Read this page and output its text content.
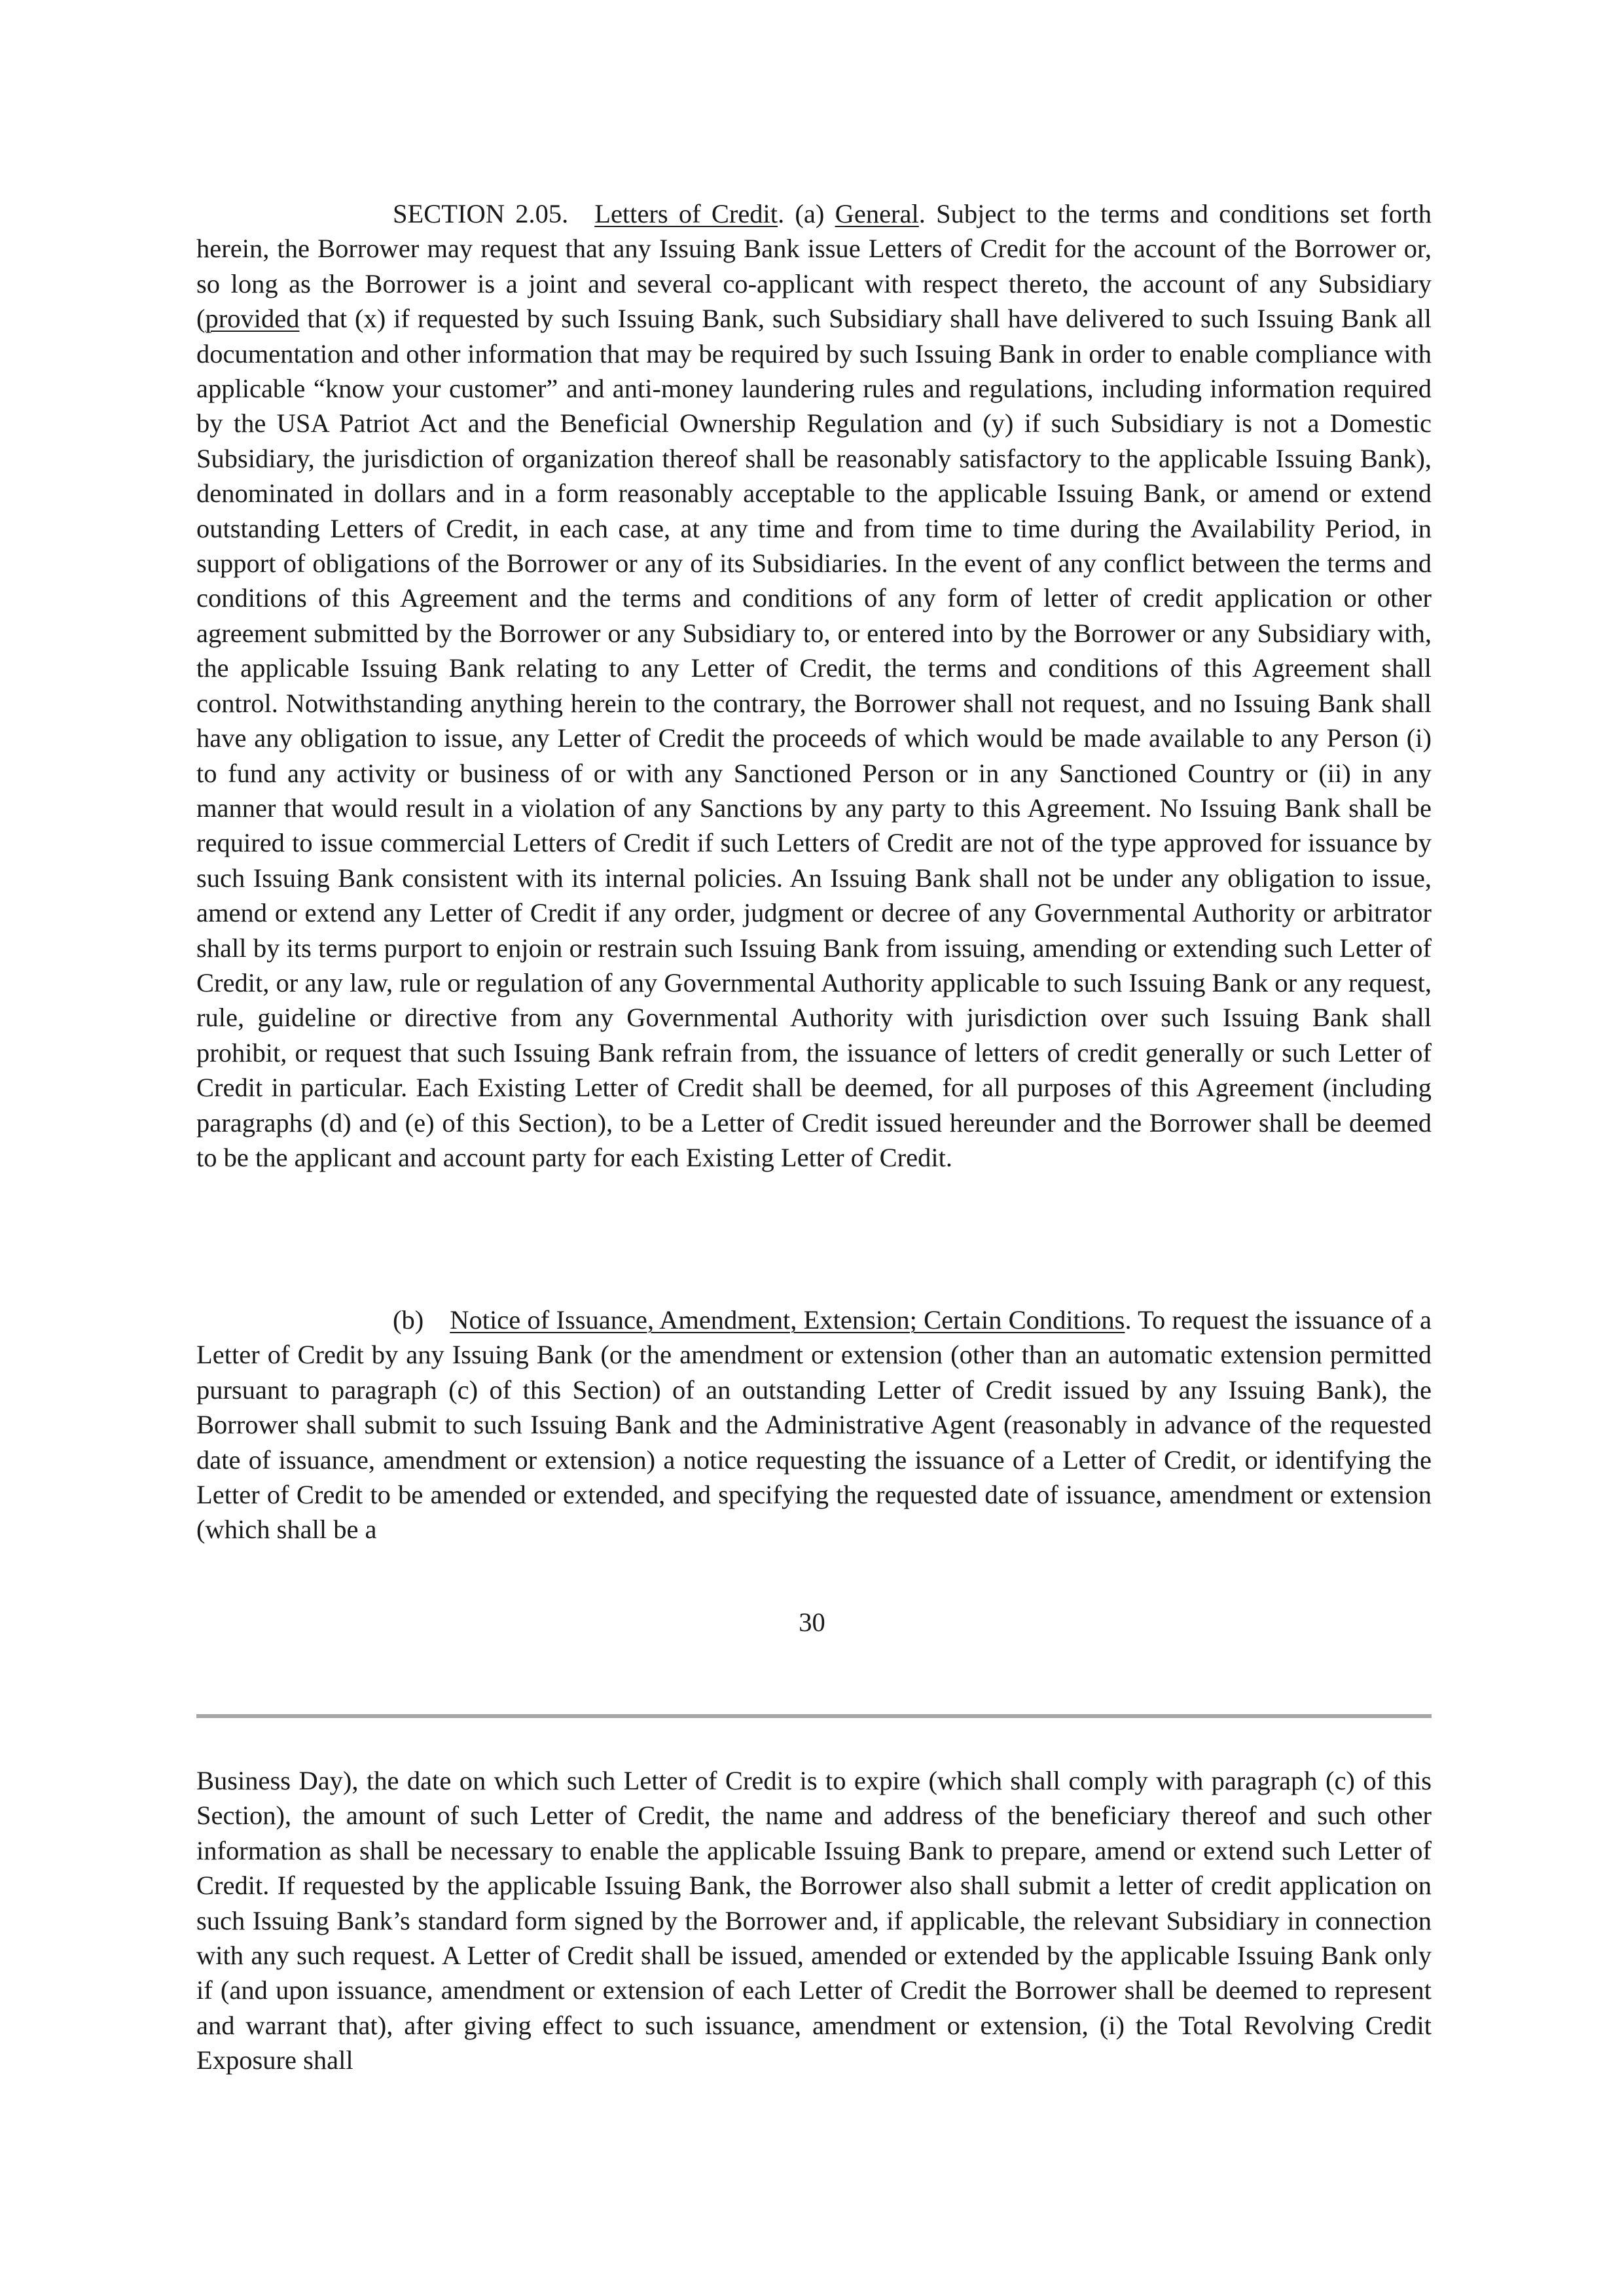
SECTION 2.05. Letters of Credit. (a) General. Subject to the terms and conditions set forth herein, the Borrower may request that any Issuing Bank issue Letters of Credit for the account of the Borrower or, so long as the Borrower is a joint and several co-applicant with respect thereto, the account of any Subsidiary (provided that (x) if requested by such Issuing Bank, such Subsidiary shall have delivered to such Issuing Bank all documentation and other information that may be required by such Issuing Bank in order to enable compliance with applicable “know your customer” and anti-money laundering rules and regulations, including information required by the USA Patriot Act and the Beneficial Ownership Regulation and (y) if such Subsidiary is not a Domestic Subsidiary, the jurisdiction of organization thereof shall be reasonably satisfactory to the applicable Issuing Bank), denominated in dollars and in a form reasonably acceptable to the applicable Issuing Bank, or amend or extend outstanding Letters of Credit, in each case, at any time and from time to time during the Availability Period, in support of obligations of the Borrower or any of its Subsidiaries. In the event of any conflict between the terms and conditions of this Agreement and the terms and conditions of any form of letter of credit application or other agreement submitted by the Borrower or any Subsidiary to, or entered into by the Borrower or any Subsidiary with, the applicable Issuing Bank relating to any Letter of Credit, the terms and conditions of this Agreement shall control. Notwithstanding anything herein to the contrary, the Borrower shall not request, and no Issuing Bank shall have any obligation to issue, any Letter of Credit the proceeds of which would be made available to any Person (i) to fund any activity or business of or with any Sanctioned Person or in any Sanctioned Country or (ii) in any manner that would result in a violation of any Sanctions by any party to this Agreement. No Issuing Bank shall be required to issue commercial Letters of Credit if such Letters of Credit are not of the type approved for issuance by such Issuing Bank consistent with its internal policies. An Issuing Bank shall not be under any obligation to issue, amend or extend any Letter of Credit if any order, judgment or decree of any Governmental Authority or arbitrator shall by its terms purport to enjoin or restrain such Issuing Bank from issuing, amending or extending such Letter of Credit, or any law, rule or regulation of any Governmental Authority applicable to such Issuing Bank or any request, rule, guideline or directive from any Governmental Authority with jurisdiction over such Issuing Bank shall prohibit, or request that such Issuing Bank refrain from, the issuance of letters of credit generally or such Letter of Credit in particular. Each Existing Letter of Credit shall be deemed, for all purposes of this Agreement (including paragraphs (d) and (e) of this Section), to be a Letter of Credit issued hereunder and the Borrower shall be deemed to be the applicant and account party for each Existing Letter of Credit.

(b) Notice of Issuance, Amendment, Extension; Certain Conditions. To request the issuance of a Letter of Credit by any Issuing Bank (or the amendment or extension (other than an automatic extension permitted pursuant to paragraph (c) of this Section) of an outstanding Letter of Credit issued by any Issuing Bank), the Borrower shall submit to such Issuing Bank and the Administrative Agent (reasonably in advance of the requested date of issuance, amendment or extension) a notice requesting the issuance of a Letter of Credit, or identifying the Letter of Credit to be amended or extended, and specifying the requested date of issuance, amendment or extension (which shall be a

30

Business Day), the date on which such Letter of Credit is to expire (which shall comply with paragraph (c) of this Section), the amount of such Letter of Credit, the name and address of the beneficiary thereof and such other information as shall be necessary to enable the applicable Issuing Bank to prepare, amend or extend such Letter of Credit. If requested by the applicable Issuing Bank, the Borrower also shall submit a letter of credit application on such Issuing Bank’s standard form signed by the Borrower and, if applicable, the relevant Subsidiary in connection with any such request. A Letter of Credit shall be issued, amended or extended by the applicable Issuing Bank only if (and upon issuance, amendment or extension of each Letter of Credit the Borrower shall be deemed to represent and warrant that), after giving effect to such issuance, amendment or extension, (i) the Total Revolving Credit Exposure shall
